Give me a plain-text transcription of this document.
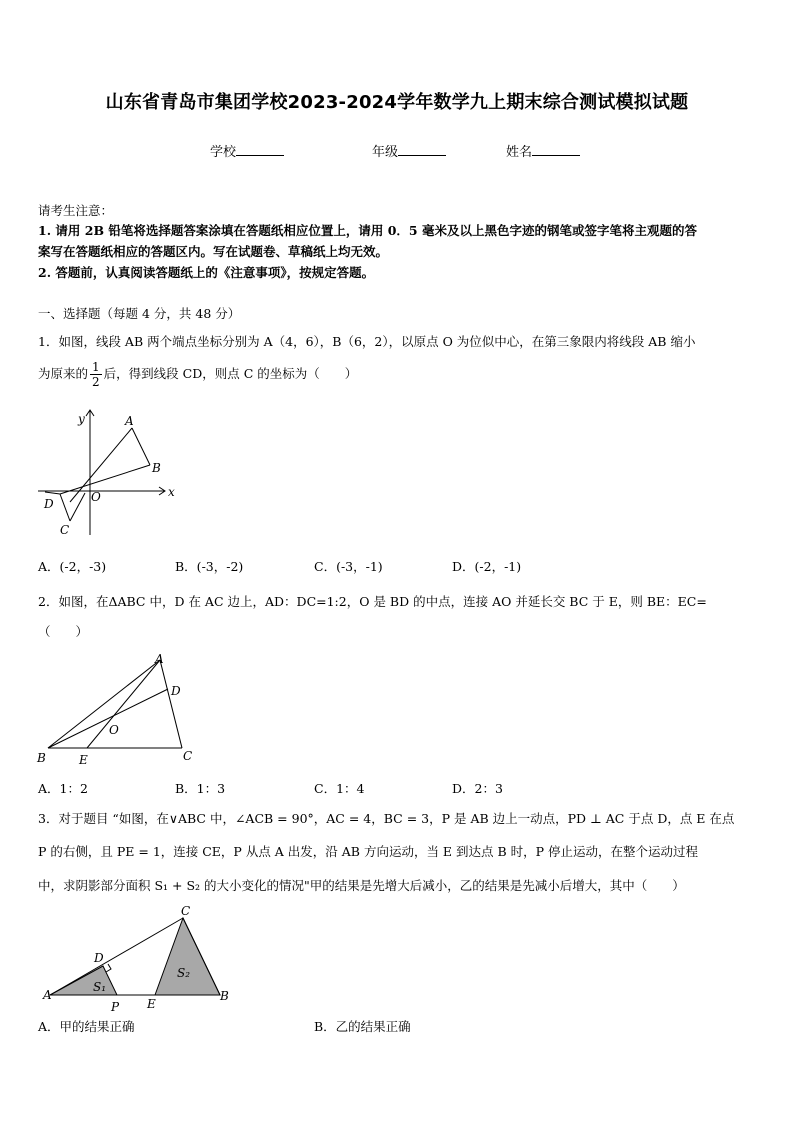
山东省青岛市集团学校2023-2024学年数学九上期末综合测试模拟试题
学校	年级	姓名
请考生注意：
1. 请用 2B 铅笔将选择题答案涂填在答题纸相应位置上，请用 0．5 毫米及以上黑色字迹的钢笔或签字笔将主观题的答
案写在答题纸相应的答题区内。写在试题卷、草稿纸上均无效。
2. 答题前，认真阅读答题纸上的《注意事项》，按规定答题。
一、选择题（每题 4 分，共 48 分）
1．如图，线段 AB 两个端点坐标分别为 A（4，6），B（6，2），以原点 O 为位似中心，在第三象限内将线段 AB 缩小
为原来的 $\frac{1}{2}$ 后，得到线段 CD，则点 C 的坐标为（　　）
y
x
A
B
O
C
D
A．(-2，-3)	B．(-3，-2)	C．(-3，-1)	D．(-2，-1)
2．如图，在ΔABC 中，D 在 AC 边上，AD：DC=1:2，O 是 BD 的中点，连接 AO 并延长交 BC 于 E，则 BE：EC=
（　　）
A
D
O
B	E	C
A．1：2	B．1：3	C．1：4	D．2：3
3．对于题目 “如图，在∨ABC 中，∠ACB = 90°，AC = 4，BC = 3，P 是 AB 边上一动点，PD ⊥ AC 于点 D，点 E 在点
P 的右侧，且 PE = 1，连接 CE，P 从点 A 出发，沿 AB 方向运动，当 E 到达点 B 时，P 停止运动，在整个运动过程
中，求阴影部分面积 S₁ + S₂ 的大小变化的情况"甲的结果是先增大后减小，乙的结果是先减小后增大，其中（　　）
A
D
S₁
P E
C
S₂
B
A．甲的结果正确	B．乙的结果正确
